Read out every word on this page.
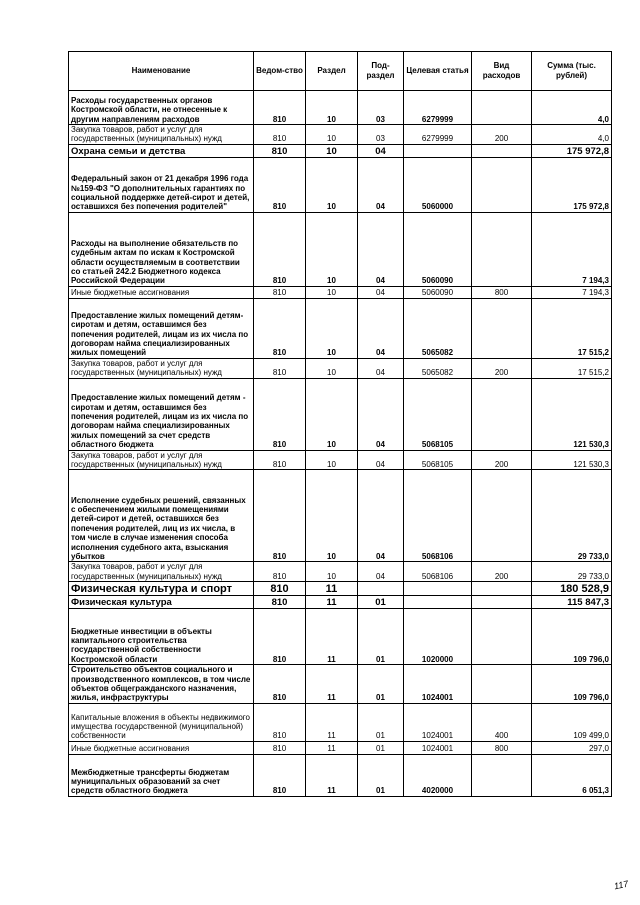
Наименование	Ведом-ство	Раздел	Под-раздел	Целевая статья	Вид расходов	Сумма (тыс. рублей)
Расходы государственных органов Костромской области, не отнесенные к другим направлениям расходов	810	10	03	6279999		4,0
Закупка товаров, работ и услуг для государственных (муниципальных) нужд	810	10	03	6279999	200	4,0
Охрана семьи и детства	810	10	04			175 972,8
Федеральный закон от 21 декабря 1996 года №159-ФЗ "О дополнительных гарантиях по социальной поддержке детей-сирот и детей, оставшихся без попечения родителей"	810	10	04	5060000		175 972,8
Расходы на выполнение обязательств по судебным актам по искам к Костромской области осуществляемым в соответствии со статьей 242.2 Бюджетного кодекса Российской Федерации	810	10	04	5060090		7 194,3
Иные бюджетные ассигнования	810	10	04	5060090	800	7 194,3
Предоставление жилых помещений детям-сиротам и детям, оставшимся без попечения родителей, лицам из их числа по договорам найма специализированных жилых помещений	810	10	04	5065082		17 515,2
Закупка товаров, работ и услуг для государственных (муниципальных) нужд	810	10	04	5065082	200	17 515,2
Предоставление жилых помещений детям - сиротам и детям, оставшимся без попечения родителей, лицам из их числа по договорам найма специализированных жилых помещений за счет средств областного бюджета	810	10	04	5068105		121 530,3
Закупка товаров, работ и услуг для государственных (муниципальных) нужд	810	10	04	5068105	200	121 530,3
Исполнение судебных решений, связанных с обеспечением жилыми помещениями детей-сирот и детей, оставшихся без попечения родителей, лиц из их числа, в том числе в случае изменения способа исполнения судебного акта, взыскания убытков	810	10	04	5068106		29 733,0
Закупка товаров, работ и услуг для государственных (муниципальных) нужд	810	10	04	5068106	200	29 733,0
Физическая культура и спорт	810	11				180 528,9
Физическая культура	810	11	01			115 847,3
Бюджетные инвестиции в объекты капитального строительства государственной собственности Костромской области	810	11	01	1020000		109 796,0
Строительство объектов социального и производственного комплексов, в том числе объектов общегражданского назначения, жилья, инфраструктуры	810	11	01	1024001		109 796,0
Капитальные вложения в объекты недвижимого имущества государственной (муниципальной) собственности	810	11	01	1024001	400	109 499,0
Иные бюджетные ассигнования	810	11	01	1024001	800	297,0
Межбюджетные трансферты бюджетам муниципальных образований за счет средств областного бюджета	810	11	01	4020000		6 051,3
117
